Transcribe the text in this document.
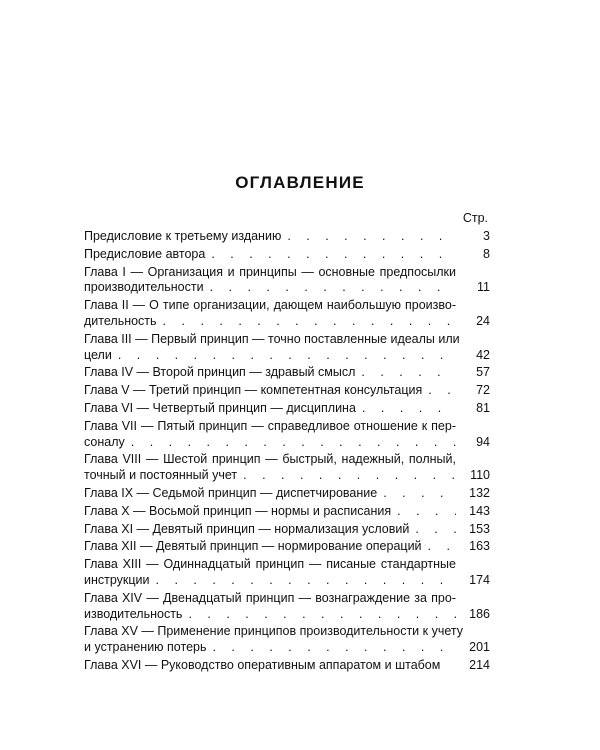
ОГЛАВЛЕНИЕ
Стр.
Предисловие к третьему изданию . . .	3
Предисловие автора . . .	8
Глава I — Организация и принципы — основные предпосылки
производительности . . .	11
Глава II — О типе организации, дающем наибольшую произво-
дительность . . .	24
Глава III — Первый принцип — точно поставленные идеалы или
цели . . .	42
Глава IV — Второй принцип — здравый смысл . . .	57
Глава V — Третий принцип — компетентная консультация . . .	72
Глава VI — Четвертый принцип — дисциплина . . .	81
Глава VII — Пятый принцип — справедливое отношение к пер-
соналу . . .	94
Глава VIII — Шестой принцип — быстрый, надежный, полный,
точный и постоянный учет . . .	110
Глава IX — Седьмой принцип — диспетчирование . . .	132
Глава X — Восьмой принцип — нормы и расписания . . .	143
Глава XI — Девятый принцип — нормализация условий . . .	153
Глава XII — Девятый принцип — нормирование операций . . .	163
Глава XIII — Одиннадцатый принцип — писаные стандартные
инструкции . . .	174
Глава XIV — Двенадцатый принцип — вознаграждение за про-
изводительность . . .	186
Глава XV — Применение принципов производительности к учету
и устранению потерь . . .	201
Глава XVI — Руководство оперативным аппаратом и штабом	214
